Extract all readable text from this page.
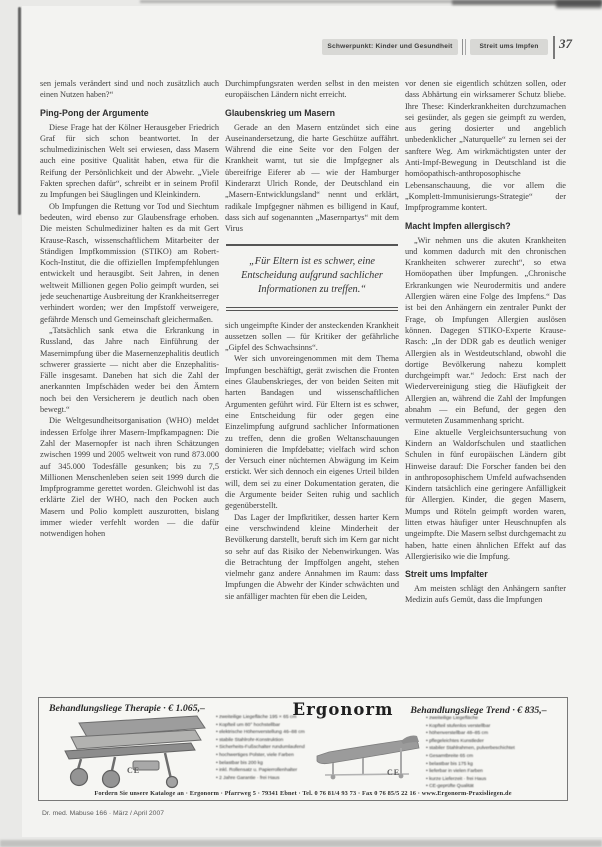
Schwerpunkt: Kinder und Gesundheit	Streit ums Impfen	37

sen jemals verändert sind und noch zusätzlich auch einen Nutzen haben?“

Ping-Pong der Argumente

Diese Frage hat der Kölner Herausgeber Friedrich Graf für sich schon beantwortet. In der schulmedizinischen Welt sei erwiesen, dass Masern auch eine positive Qualität haben, etwa für die Reifung der Persönlichkeit und der Abwehr. „Viele Fakten sprechen dafür“, schreibt er in seinem Profil zu Impfungen bei Säuglingen und Kleinkindern.

Ob Impfungen die Rettung vor Tod und Siechtum bedeuten, wird ebenso zur Glaubensfrage erhoben. Die meisten Schulmediziner halten es da mit Gert Krause-Rasch, wissenschaftlichem Mitarbeiter der Ständigen Impfkommission (STIKO) am Robert-Koch-Institut, die die offiziellen Impfempfehlungen entwickelt und herausgibt. Seit Jahren, in denen weltweit Millionen gegen Polio geimpft wurden, sei jede seuchenartige Ausbreitung der Krankheitserreger verhindert worden; wer den Impfstoff verweigere, gefährde Mensch und Gemeinschaft gleichermaßen.

„Tatsächlich sank etwa die Erkrankung in Russland, das Jahre nach Einführung der Masernimpfung über die Masernenzephalitis deutlich schwerer grassierte — nicht aber die Enzephalitis-Fälle insgesamt. Daneben hat sich die Zahl der anerkannten Impfschäden weder bei den Ämtern noch bei den Versicherern je deutlich nach oben bewegt.“

Die Weltgesundheitsorganisation (WHO) meldet indessen Erfolge ihrer Masern-Impfkampagnen: Die Zahl der Masernopfer ist nach ihren Schätzungen zwischen 1999 und 2005 weltweit von rund 873.000 auf 345.000 Todesfälle gesunken; bis zu 7,5 Millionen Menschenleben seien seit 1999 durch die Impfprogramme gerettet worden. Gleichwohl ist das erklärte Ziel der WHO, nach den Pocken auch Masern und Polio komplett auszurotten, bislang immer wieder verfehlt worden — die dafür notwendigen hohen

Durchimpfungsraten werden selbst in den meisten europäischen Ländern nicht erreicht.

Glaubenskrieg um Masern

Gerade an den Masern entzündet sich eine Auseinandersetzung, die harte Geschütze auffährt. Während die eine Seite vor den Folgen der Krankheit warnt, tut sie die Impfgegner als übereifrige Eiferer ab — wie der Hamburger Kinderarzt Ulrich Ronde, der Deutschland ein „Masern-Entwicklungsland“ nennt und erklärt, radikale Impfgegner nähmen es billigend in Kauf, dass sich auf sogenannten „Masernpartys“ mit dem Virus

„Für Eltern ist es schwer, eine Entscheidung aufgrund sachlicher Informationen zu treffen.“

sich ungeimpfte Kinder der ansteckenden Krankheit aussetzen sollen — für Kritiker der gefährliche „Gipfel des Schwachsinns“.

Wer sich unvoreingenommen mit dem Thema Impfungen beschäftigt, gerät zwischen die Fronten eines Glaubenskrieges, der von beiden Seiten mit harten Bandagen und wissenschaftlichen Argumenten geführt wird. Für Eltern ist es schwer, eine Entscheidung für oder gegen eine Einzelimpfung aufgrund sachlicher Informationen zu treffen, denn die großen Weltanschauungen dominieren die Impfdebatte; vielfach wird schon der Versuch einer nüchternen Abwägung im Keim erstickt. Wer sich dennoch ein eigenes Urteil bilden will, dem sei zu einer Dokumentation geraten, die die Argumente beider Seiten ruhig und sachlich gegenüberstellt.

Das Lager der Impfkritiker, dessen harter Kern eine verschwindend kleine Minderheit der Bevölkerung darstellt, beruft sich im Kern gar nicht so sehr auf das Risiko der Nebenwirkungen. Was die Betrachtung der Impffolgen angeht, stehen vielmehr ganz andere Annahmen im Raum: dass Impfungen die Abwehr der Kinder schwächten und sie anfälliger machten für eben die Leiden,

vor denen sie eigentlich schützen sollen, oder dass Abhärtung ein wirksamerer Schutz bliebe. Ihre These: Kinderkrankheiten durchzumachen sei gesünder, als gegen sie geimpft zu werden, aus gering dosierter und angeblich unbedenklicher „Naturquelle“ zu lernen sei der sanftere Weg. Am wirkmächtigsten unter der Anti-Impf-Bewegung in Deutschland ist die homöopathisch-anthroposophische Lebensanschauung, die vor allem die „Komplett-Immunisierungs-Strategie“ der Impfprogramme kontert.

Macht Impfen allergisch?

„Wir nehmen uns die akuten Krankheiten und kommen dadurch mit den chronischen Krankheiten schwerer zurecht“, so etwa Homöopathen über Impfungen. „Chronische Erkrankungen wie Neurodermitis und andere Allergien wären eine Folge des Impfens.“ Das ist bei den Anhängern ein zentraler Punkt der Frage, ob Impfungen Allergien auslösen können. Dagegen STIKO-Experte Krause-Rasch: „In der DDR gab es deutlich weniger Allergien als in Westdeutschland, obwohl die dortige Bevölkerung nahezu komplett durchgeimpft war.“ Jedoch: Erst nach der Wiedervereinigung stieg die Häufigkeit der Allergien an, während die Zahl der Impfungen abnahm — ein Befund, der gegen den vermuteten Zusammenhang spricht.

Eine aktuelle Vergleichsuntersuchung von Kindern an Waldorfschulen und staatlichen Schulen in fünf europäischen Ländern gibt Hinweise darauf: Die Forscher fanden bei den in anthroposophischem Umfeld aufwachsenden Kindern tatsächlich eine geringere Anfälligkeit für Allergien. Kinder, die gegen Masern, Mumps und Röteln geimpft worden waren, litten etwas häufiger unter Heuschnupfen als ungeimpfte. Die Masern selbst durchgemacht zu haben, hatte einen ähnlichen Effekt auf das Allergierisiko wie die Impfung.

Streit ums Impfalter

Am meisten schlägt den Anhängern sanfter Medizin aufs Gemüt, dass die Impfungen

Behandlungsliege Therapie · € 1.065,–	Ergonorm	Behandlungsliege Trend · € 835,–
• zweiteilige Liegefläche 195 × 65 cm
• Kopfteil um 80° hochstellbar
• elektrische Höhenverstellung 46–88 cm
• stabile Stahlrohr-Konstruktion
• Sicherheits-Fußschalter rundumlaufend
• hochwertiges Polster, viele Farben
• belastbar bis 200 kg
• inkl. Rollensatz u. Papierrollenhalter
• 2 Jahre Garantie · frei Haus
CE	CE
• zweiteilige Liegefläche
• Kopfteil stufenlos verstellbar
• höhenverstellbar 48–85 cm
• pflegeleichtes Kunstleder
• stabiler Stahlrahmen, pulverbeschichtet
• Gesamtbreite 65 cm
• belastbar bis 175 kg
• lieferbar in vielen Farben
• kurze Lieferzeit · frei Haus
• CE-geprüfte Qualität
Fordern Sie unsere Kataloge an · Ergonorm · Pfarrweg 5 · 79341 Ebnet · Tel. 0 76 81/4 93 73 · Fax 0 76 85/5 22 16 · www.Ergonorm-Praxisliegen.de
Dr. med. Mabuse 166 · März / April 2007
